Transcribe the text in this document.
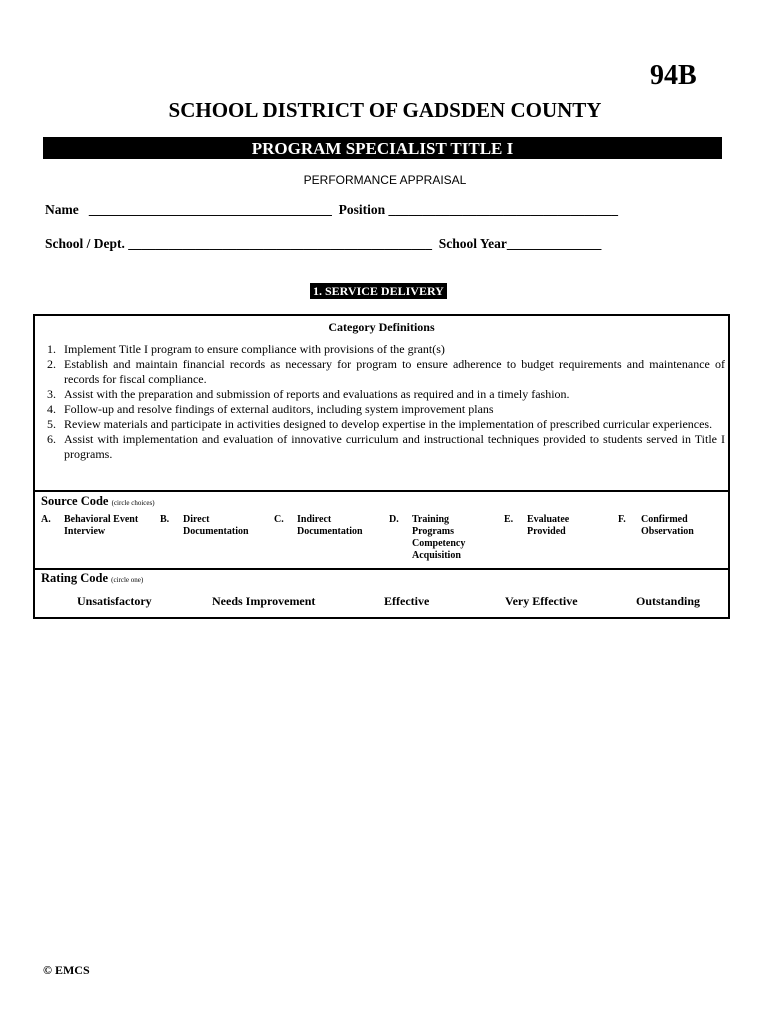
94B
SCHOOL DISTRICT OF GADSDEN COUNTY
PROGRAM SPECIALIST TITLE I
PERFORMANCE APPRAISAL
Name   ____________________________________  Position __________________________________
School / Dept. _____________________________________________  School Year______________
1. SERVICE DELIVERY
Category Definitions
1. Implement Title I program to ensure compliance with provisions of the grant(s)
2. Establish and maintain financial records as necessary for program to ensure adherence to budget requirements and maintenance of records for fiscal compliance.
3. Assist with the preparation and submission of reports and evaluations as required and in a timely fashion.
4. Follow-up and resolve findings of external auditors, including system improvement plans
5. Review materials and participate in activities designed to develop expertise in the implementation of prescribed curricular experiences.
6. Assist with implementation and evaluation of innovative curriculum and instructional techniques provided to students served in Title I programs.
Source Code (circle choices)
A. Behavioral Event Interview
B. Direct Documentation
C. Indirect Documentation
D. Training Programs Competency Acquisition
E. Evaluatee Provided
F. Confirmed Observation
Rating Code (circle one)
Unsatisfactory	Needs Improvement	Effective	Very Effective	Outstanding
© EMCS
